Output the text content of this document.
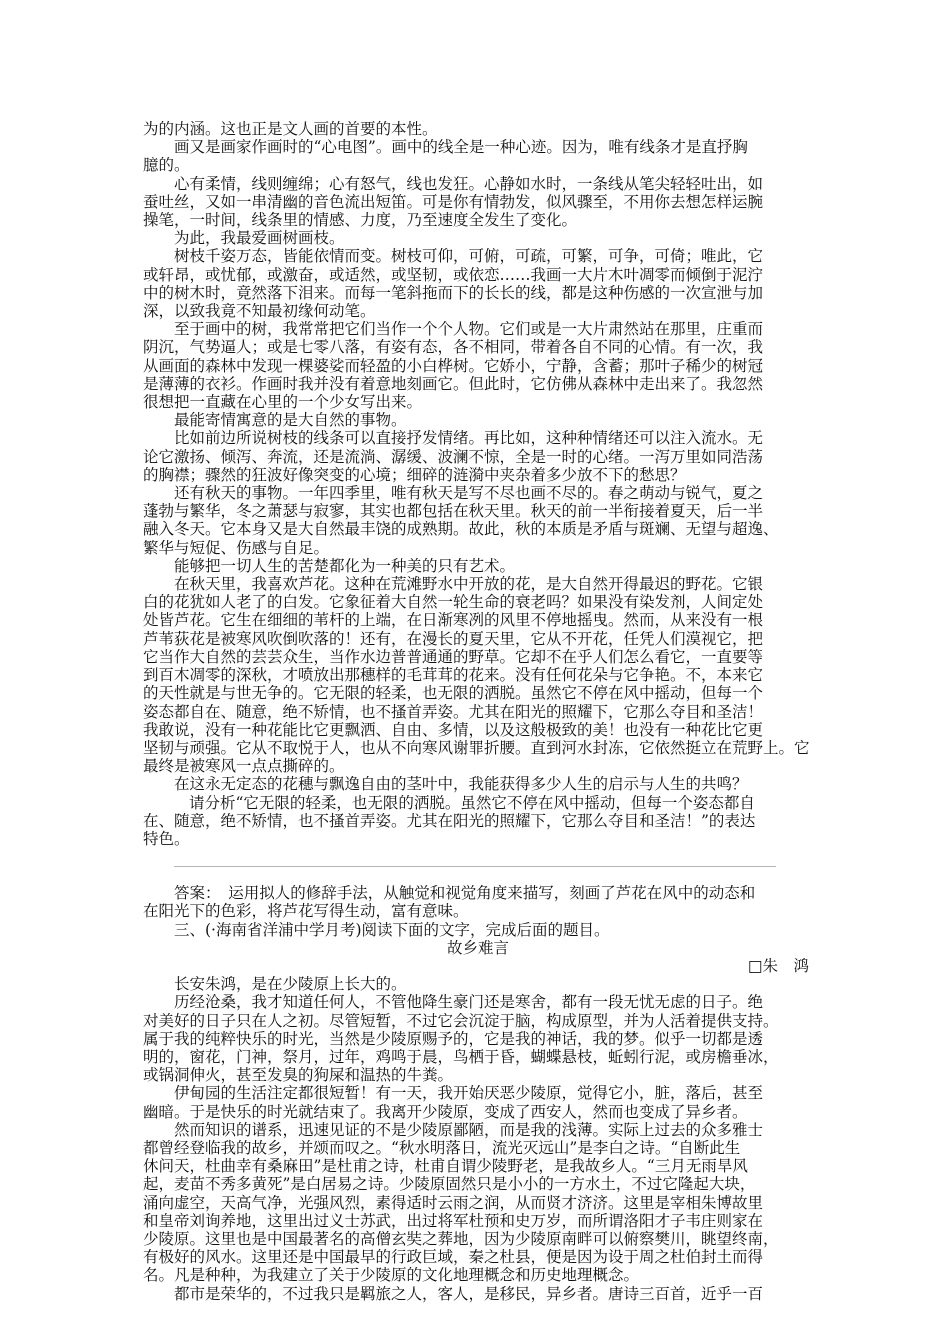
为的内涵。这也正是文人画的首要的本性。
画又是画家作画时的“心电图”。画中的线全是一种心迹。因为，唯有线条才是直抒胸
臆的。
心有柔情，线则缠绵；心有怒气，线也发狂。心静如水时，一条线从笔尖轻轻吐出，如
蚕吐丝，又如一串清幽的音色流出短笛。可是你有情勃发，似风骤至，不用你去想怎样运腕
操笔，一时间，线条里的情感、力度，乃至速度全发生了变化。
为此，我最爱画树画枝。
树枝千姿万态，皆能依情而变。树枝可仰，可俯，可疏，可繁，可争，可倚；唯此，它
或轩昂，或忧郁，或激奋，或适然，或坚韧，或依恋……我画一大片木叶凋零而倾倒于泥泞
中的树木时，竟然落下泪来。而每一笔斜拖而下的长长的线，都是这种伤感的一次宣泄与加
深，以致我竟不知最初缘何动笔。
至于画中的树，我常常把它们当作一个个人物。它们或是一大片肃然站在那里，庄重而
阴沉，气势逼人；或是七零八落，有姿有态，各不相同，带着各自不同的心情。有一次，我
从画面的森林中发现一棵婆娑而轻盈的小白桦树。它娇小，宁静，含蓄；那叶子稀少的树冠
是薄薄的衣衫。作画时我并没有着意地刻画它。但此时，它仿佛从森林中走出来了。我忽然
很想把一直藏在心里的一个少女写出来。
最能寄情寓意的是大自然的事物。
比如前边所说树枝的线条可以直接抒发情绪。再比如，这种种情绪还可以注入流水。无
论它激扬、倾泻、奔流，还是流淌、潺缓、波澜不惊，全是一时的心绪。一泻万里如同浩荡
的胸襟；骤然的狂波好像突变的心境；细碎的涟漪中夹杂着多少放不下的愁思？
还有秋天的事物。一年四季里，唯有秋天是写不尽也画不尽的。春之萌动与锐气，夏之
蓬勃与繁华，冬之萧瑟与寂寥，其实也都包括在秋天里。秋天的前一半衔接着夏天，后一半
融入冬天。它本身又是大自然最丰饶的成熟期。故此，秋的本质是矛盾与斑斓、无望与超逸、
繁华与短促、伤感与自足。
能够把一切人生的苦楚都化为一种美的只有艺术。
在秋天里，我喜欢芦花。这种在荒滩野水中开放的花，是大自然开得最迟的野花。它银
白的花犹如人老了的白发。它象征着大自然一轮生命的衰老吗？如果没有染发剂，人间定处
处皆芦花。它生在细细的苇杆的上端，在日渐寒冽的风里不停地摇曳。然而，从来没有一根
芦苇荻花是被寒风吹倒吹落的！还有，在漫长的夏天里，它从不开花，任凭人们漠视它，把
它当作大自然的芸芸众生，当作水边普普通通的野草。它却不在乎人们怎么看它，一直要等
到百木凋零的深秋，才喷放出那穗样的毛茸茸的花来。没有任何花朵与它争艳。不，本来它
的天性就是与世无争的。它无限的轻柔，也无限的洒脱。虽然它不停在风中摇动，但每一个
姿态都自在、随意，绝不矫情，也不搔首弄姿。尤其在阳光的照耀下，它那么夺目和圣洁！
我敢说，没有一种花能比它更飘洒、自由、多情，以及这般极致的美！也没有一种花比它更
坚韧与顽强。它从不取悦于人，也从不向寒风谢罪折腰。直到河水封冻，它依然挺立在荒野上。它
最终是被寒风一点点撕碎的。
在这永无定态的花穗与飘逸自由的茎叶中，我能获得多少人生的启示与人生的共鸣？
请分析“它无限的轻柔，也无限的洒脱。虽然它不停在风中摇动，但每一个姿态都自
在、随意，绝不矫情，也不搔首弄姿。尤其在阳光的照耀下，它那么夺目和圣洁！”的表达
特色。
答案：　运用拟人的修辞手法，从触觉和视觉角度来描写，刻画了芦花在风中的动态和
在阳光下的色彩，将芦花写得生动，富有意味。
三、(·海南省洋浦中学月考)阅读下面的文字，完成后面的题目。
故乡难言
□朱　鸿
长安朱鸿，是在少陵原上长大的。
历经沧桑，我才知道任何人，不管他降生豪门还是寒舍，都有一段无忧无虑的日子。绝
对美好的日子只在人之初。尽管短暂，不过它会沉淀于脑，构成原型，并为人活着提供支持。
属于我的纯粹快乐的时光，当然是少陵原赐予的，它是我的神话，我的梦。似乎一切都是透
明的，窗花，门神，祭月，过年，鸡鸣于晨，鸟栖于昏，蝴蝶悬枝，蚯蚓行泥，或房檐垂冰，
或锅洞伸火，甚至发臭的狗屎和温热的牛粪。
伊甸园的生活注定都很短暂！有一天，我开始厌恶少陵原，觉得它小，脏，落后，甚至
幽暗。于是快乐的时光就结束了。我离开少陵原，变成了西安人，然而也变成了异乡者。
然而知识的谱系，迅速见证的不是少陵原鄙陋，而是我的浅薄。实际上过去的众多雅士
都曾经登临我的故乡，并颂而叹之。“秋水明落日，流光灭远山”是李白之诗。“自断此生
休问天，杜曲幸有桑麻田”是杜甫之诗，杜甫自谓少陵野老，是我故乡人。“三月无雨旱风
起，麦苗不秀多黄死”是白居易之诗。少陵原固然只是小小的一方水土，不过它隆起大块，
涌向虚空，天高气净，光强风烈，素得适时云雨之润，从而贤才济济。这里是宰相朱博故里
和皇帝刘询养地，这里出过义士苏武，出过将军杜预和史万岁，而所谓洛阳才子韦庄则家在
少陵原。这里也是中国最著名的高僧玄奘之葬地，因为少陵原南畔可以俯察樊川，眺望终南，
有极好的风水。这里还是中国最早的行政巨域，秦之杜县，便是因为设于周之杜伯封土而得
名。凡是种种，为我建立了关于少陵原的文化地理概念和历史地理概念。
都市是荣华的，不过我只是羁旅之人，客人，是移民，异乡者。唐诗三百首，近乎一百
